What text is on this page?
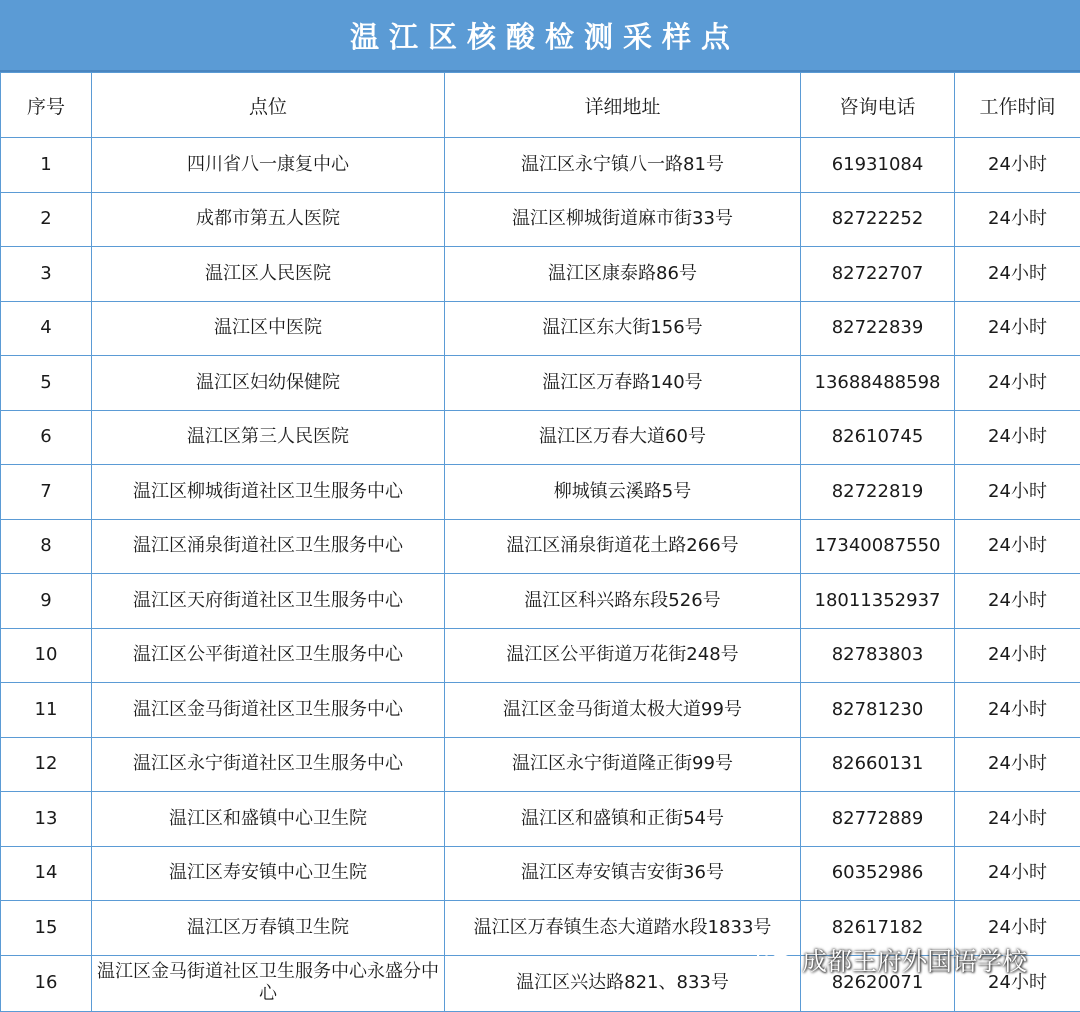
温江区核酸检测采样点
序号	点位	详细地址	咨询电话	工作时间
1	四川省八一康复中心	温江区永宁镇八一路81号	61931084	24小时
2	成都市第五人医院	温江区柳城街道麻市街33号	82722252	24小时
3	温江区人民医院	温江区康泰路86号	82722707	24小时
4	温江区中医院	温江区东大街156号	82722839	24小时
5	温江区妇幼保健院	温江区万春路140号	13688488598	24小时
6	温江区第三人民医院	温江区万春大道60号	82610745	24小时
7	温江区柳城街道社区卫生服务中心	柳城镇云溪路5号	82722819	24小时
8	温江区涌泉街道社区卫生服务中心	温江区涌泉街道花土路266号	17340087550	24小时
9	温江区天府街道社区卫生服务中心	温江区科兴路东段526号	18011352937	24小时
10	温江区公平街道社区卫生服务中心	温江区公平街道万花街248号	82783803	24小时
11	温江区金马街道社区卫生服务中心	温江区金马街道太极大道99号	82781230	24小时
12	温江区永宁街道社区卫生服务中心	温江区永宁街道隆正街99号	82660131	24小时
13	温江区和盛镇中心卫生院	温江区和盛镇和正街54号	82772889	24小时
14	温江区寿安镇中心卫生院	温江区寿安镇吉安街36号	60352986	24小时
15	温江区万春镇卫生院	温江区万春镇生态大道踏水段1833号	82617182	24小时
16	温江区金马街道社区卫生服务中心永盛分中心	温江区兴达路821、833号	82620071	24小时
成都王府外国语学校
